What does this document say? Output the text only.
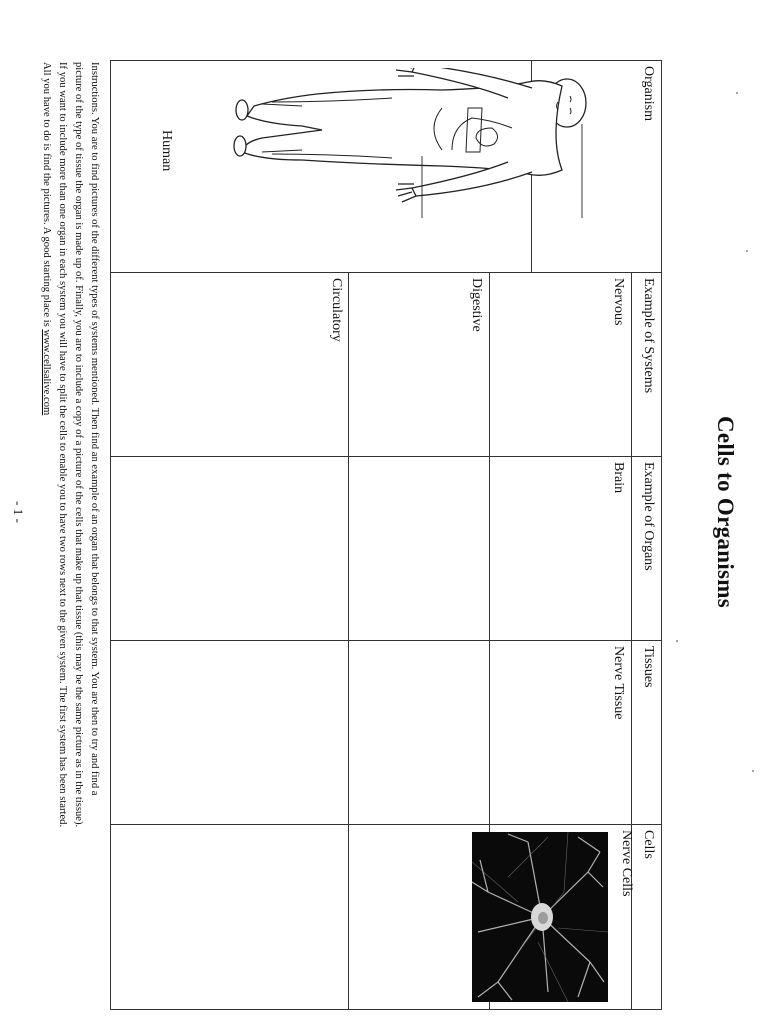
Cells to Organisms
Organism
Example of Systems
Example of Organs
Tissues
Cells
Nervous
Brain
Nerve Tissue
Digestive
Circulatory
Nerve Cells
Human
Instructions. You are to find pictures of the different types of systems mentioned. Then find an example of an organ that belongs to that system. You are then to try and find a
picture of the type of tissue the organ is made up of. Finally, you are to include a copy of a picture of the cells that make up that tissue (this may be the same picture as in the tissue).
If you want to include more than one organ in each system you will have to split the cells to enable you to have two rows next to the given system. The first system has been started.
All you have to do is find the pictures. A good starting place is www.cellsalive.com
- 1 -
